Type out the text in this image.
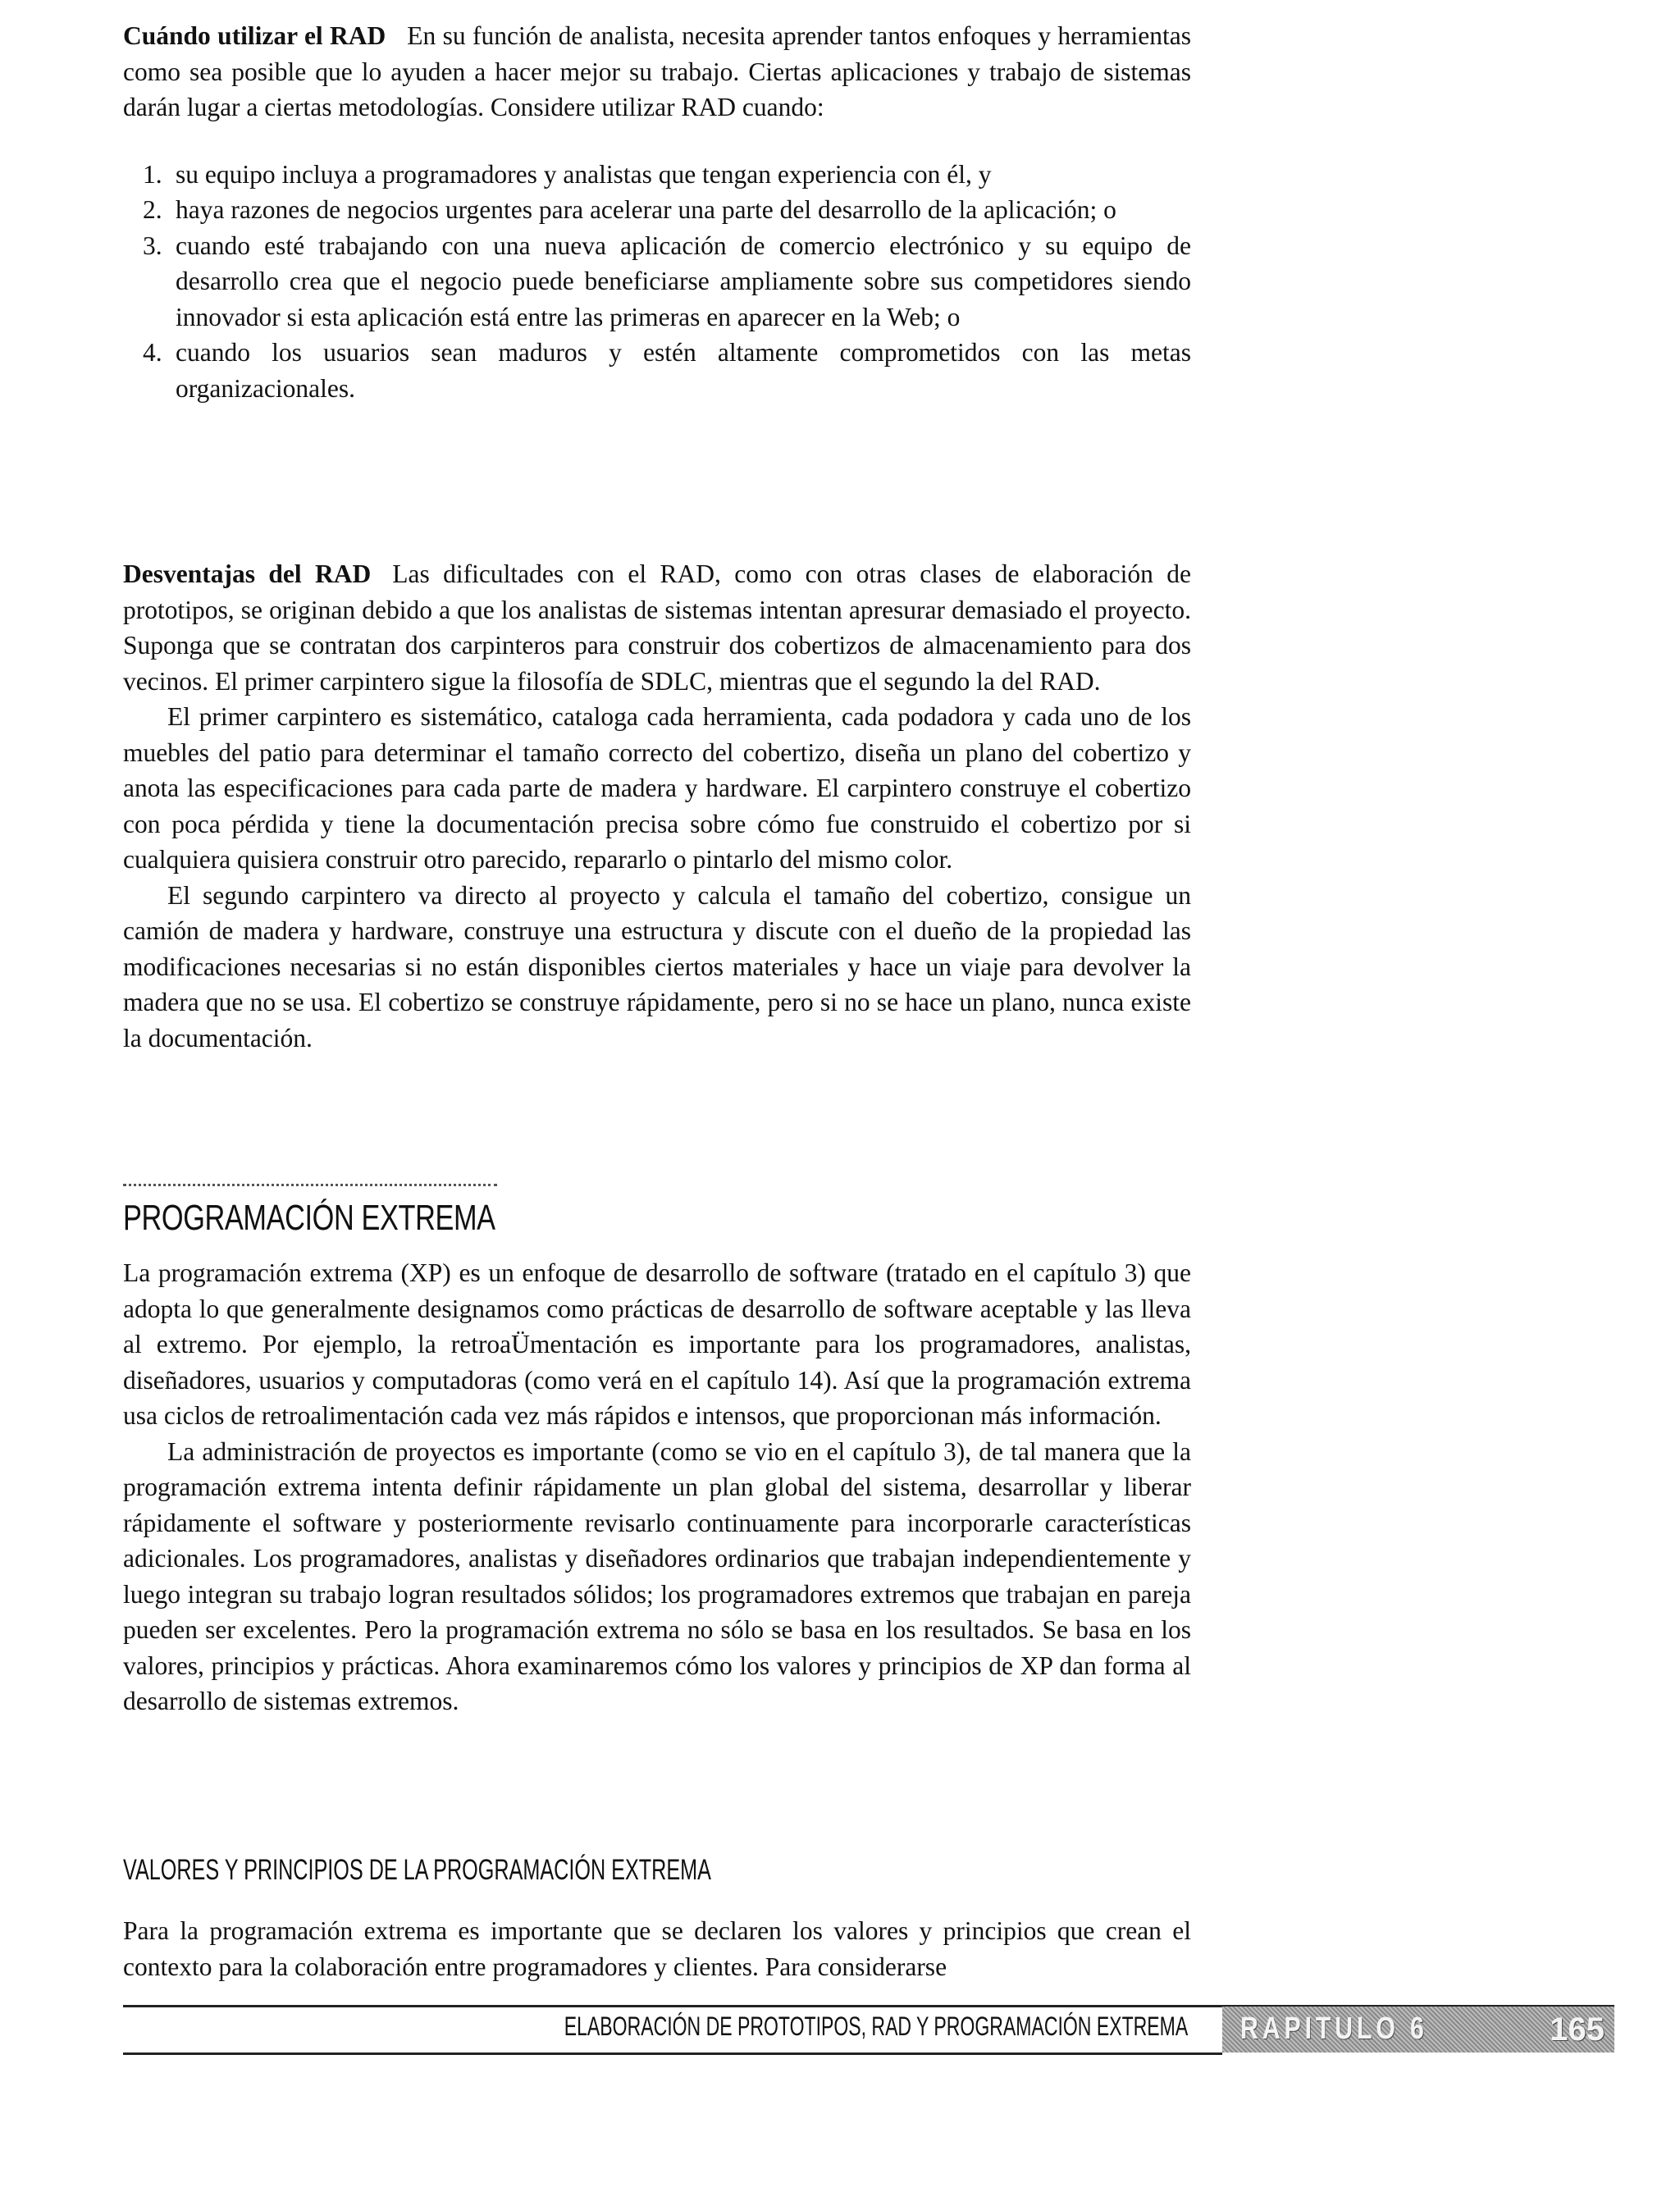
Cuándo utilizar el RAD En su función de analista, necesita aprender tantos enfoques y herramientas como sea posible que lo ayuden a hacer mejor su trabajo. Ciertas aplicaciones y trabajo de sistemas darán lugar a ciertas metodologías. Considere utilizar RAD cuando:

1. su equipo incluya a programadores y analistas que tengan experiencia con él, y
2. haya razones de negocios urgentes para acelerar una parte del desarrollo de la aplicación; o
3. cuando esté trabajando con una nueva aplicación de comercio electrónico y su equipo de desarrollo crea que el negocio puede beneficiarse ampliamente sobre sus competidores siendo innovador si esta aplicación está entre las primeras en aparecer en la Web; o
4. cuando los usuarios sean maduros y estén altamente comprometidos con las metas organizacionales.

Desventajas del RAD Las dificultades con el RAD, como con otras clases de elaboración de prototipos, se originan debido a que los analistas de sistemas intentan apresurar demasiado el proyecto. Suponga que se contratan dos carpinteros para construir dos cobertizos de almacenamiento para dos vecinos. El primer carpintero sigue la filosofía de SDLC, mientras que el segundo la del RAD.

El primer carpintero es sistemático, cataloga cada herramienta, cada podadora y cada uno de los muebles del patio para determinar el tamaño correcto del cobertizo, diseña un plano del cobertizo y anota las especificaciones para cada parte de madera y hardware. El carpintero construye el cobertizo con poca pérdida y tiene la documentación precisa sobre cómo fue construido el cobertizo por si cualquiera quisiera construir otro parecido, repararlo o pintarlo del mismo color.

El segundo carpintero va directo al proyecto y calcula el tamaño del cobertizo, consigue un camión de madera y hardware, construye una estructura y discute con el dueño de la propiedad las modificaciones necesarias si no están disponibles ciertos materiales y hace un viaje para devolver la madera que no se usa. El cobertizo se construye rápidamente, pero si no se hace un plano, nunca existe la documentación.

PROGRAMACIÓN EXTREMA

La programación extrema (XP) es un enfoque de desarrollo de software (tratado en el capítulo 3) que adopta lo que generalmente designamos como prácticas de desarrollo de software aceptable y las lleva al extremo. Por ejemplo, la retroaÜmentación es importante para los programadores, analistas, diseñadores, usuarios y computadoras (como verá en el capítulo 14). Así que la programación extrema usa ciclos de retroalimentación cada vez más rápidos e intensos, que proporcionan más información.

La administración de proyectos es importante (como se vio en el capítulo 3), de tal manera que la programación extrema intenta definir rápidamente un plan global del sistema, desarrollar y liberar rápidamente el software y posteriormente revisarlo continuamente para incorporarle características adicionales. Los programadores, analistas y diseñadores ordinarios que trabajan independientemente y luego integran su trabajo logran resultados sólidos; los programadores extremos que trabajan en pareja pueden ser excelentes. Pero la programación extrema no sólo se basa en los resultados. Se basa en los valores, principios y prácticas. Ahora examinaremos cómo los valores y principios de XP dan forma al desarrollo de sistemas extremos.

VALORES Y PRINCIPIOS DE LA PROGRAMACIÓN EXTREMA

Para la programación extrema es importante que se declaren los valores y principios que crean el contexto para la colaboración entre programadores y clientes. Para considerarse

ELABORACIÓN DE PROTOTIPOS, RAD Y PROGRAMACIÓN EXTREMA RAPITULO 6	165
